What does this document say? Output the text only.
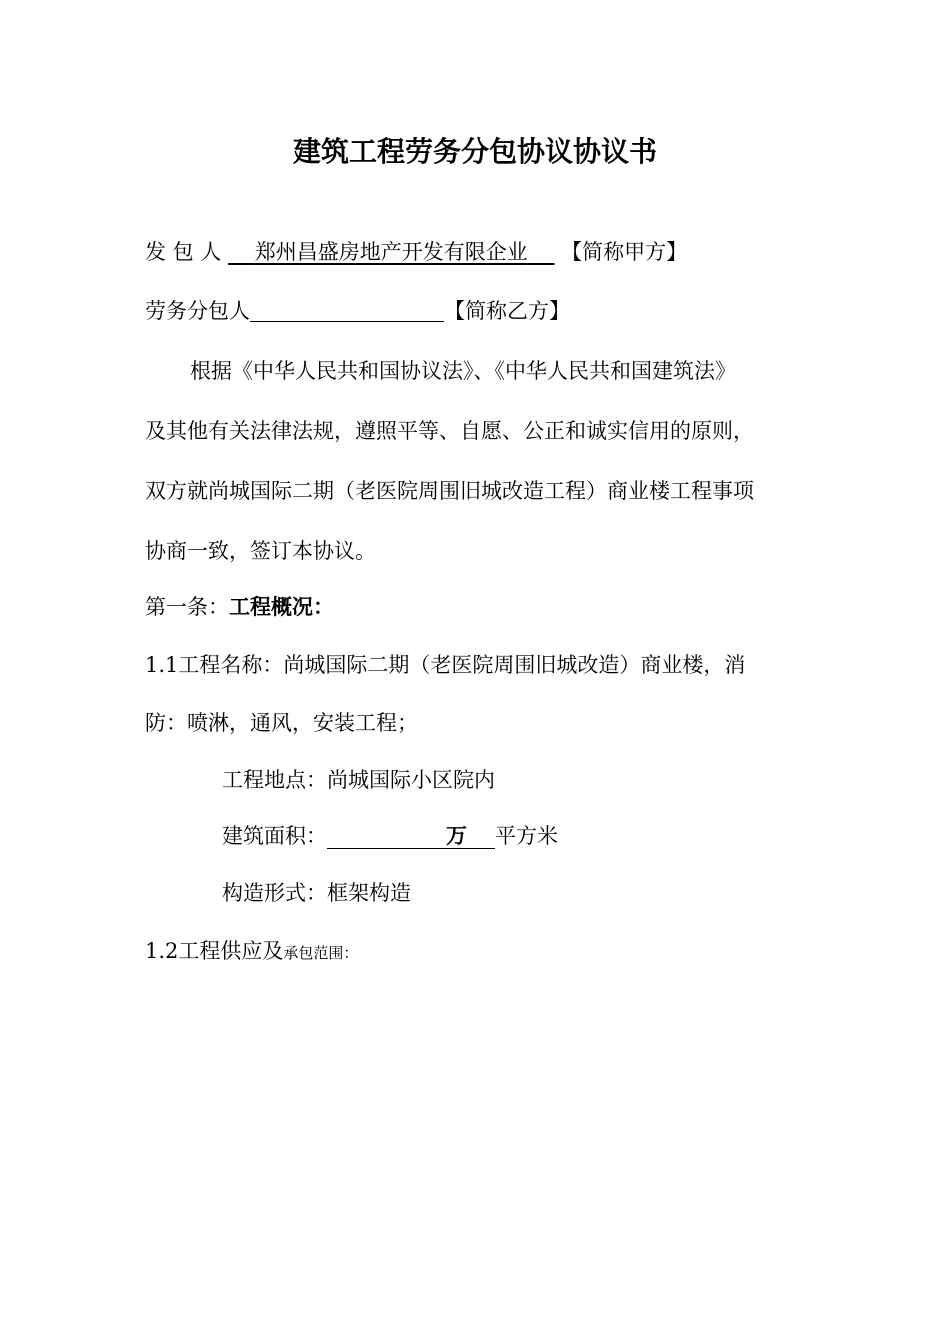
建筑工程劳务分包协议协议书
发 包 人 郑州昌盛房地产开发有限企业 【简称甲方】
劳务分包人	【简称乙方】
根据《中华人民共和国协议法》、《中华人民共和国建筑法》
及其他有关法律法规，遵照平等、自愿、公正和诚实信用的原则，
双方就尚城国际二期（老医院周围旧城改造工程）商业楼工程事项
协商一致，签订本协议。
第一条：工程概况：
1.1工程名称：尚城国际二期（老医院周围旧城改造）商业楼，消
防：喷淋，通风，安装工程；
工程地点：尚城国际小区院内
建筑面积：	万 平方米
构造形式：框架构造
1.2工程供应及承包范围：
